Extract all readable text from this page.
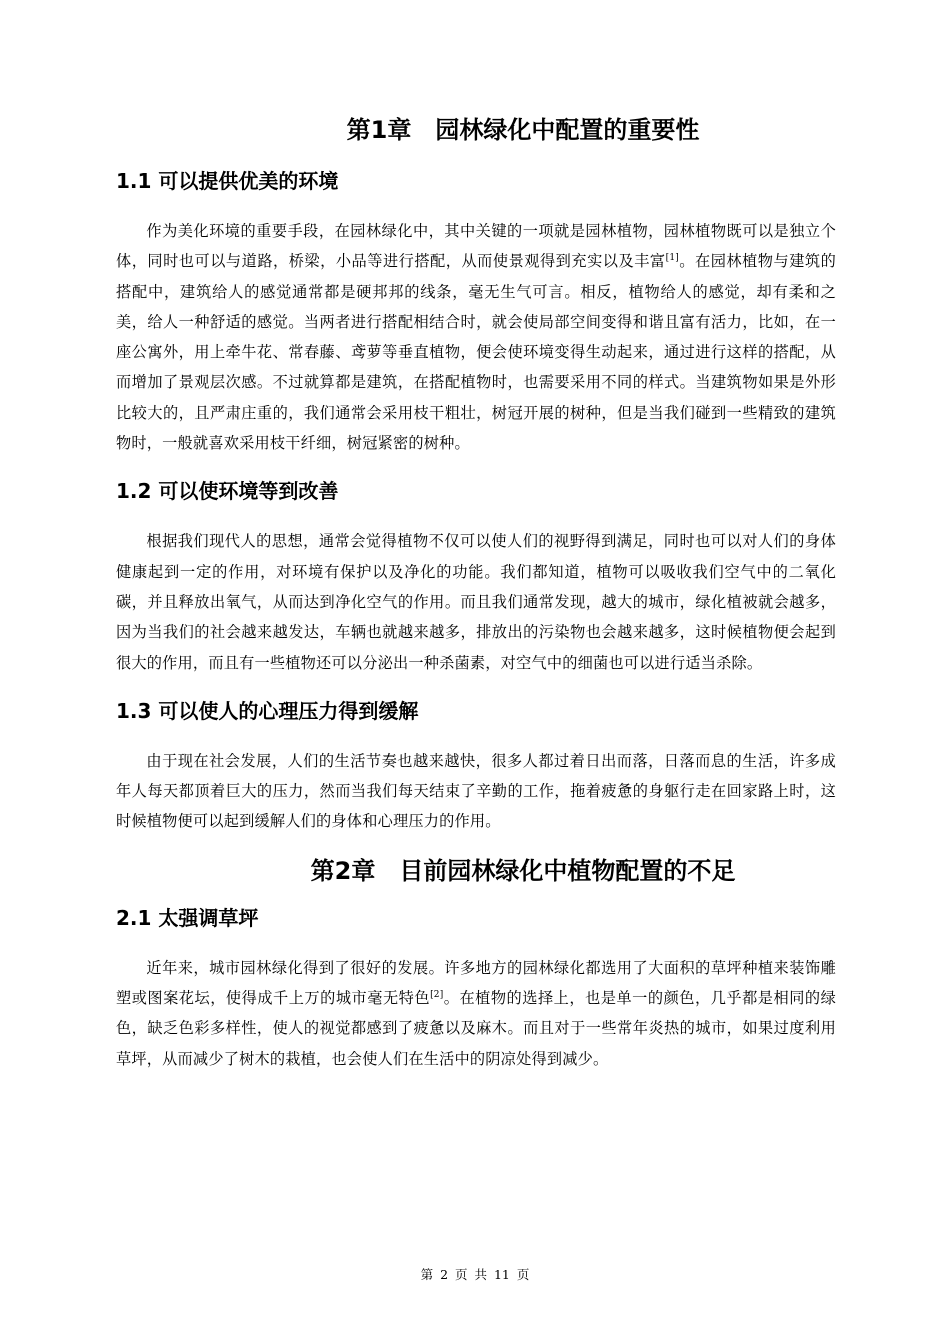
第1章 园林绿化中配置的重要性
1.1 可以提供优美的环境

作为美化环境的重要手段，在园林绿化中，其中关键的一项就是园林植物，园林植物既可以是独立个体，同时也可以与道路，桥梁，小品等进行搭配，从而使景观得到充实以及丰富[1]。在园林植物与建筑的搭配中，建筑给人的感觉通常都是硬邦邦的线条，毫无生气可言。相反，植物给人的感觉，却有柔和之美，给人一种舒适的感觉。当两者进行搭配相结合时，就会使局部空间变得和谐且富有活力，比如，在一座公寓外，用上牵牛花、常春藤、鸢萝等垂直植物，便会使环境变得生动起来，通过进行这样的搭配，从而增加了景观层次感。不过就算都是建筑，在搭配植物时，也需要采用不同的样式。当建筑物如果是外形比较大的，且严肃庄重的，我们通常会采用枝干粗壮，树冠开展的树种，但是当我们碰到一些精致的建筑物时，一般就喜欢采用枝干纤细，树冠紧密的树种。

1.2 可以使环境等到改善

根据我们现代人的思想，通常会觉得植物不仅可以使人们的视野得到满足，同时也可以对人们的身体健康起到一定的作用，对环境有保护以及净化的功能。我们都知道，植物可以吸收我们空气中的二氧化碳，并且释放出氧气，从而达到净化空气的作用。而且我们通常发现，越大的城市，绿化植被就会越多，因为当我们的社会越来越发达，车辆也就越来越多，排放出的污染物也会越来越多，这时候植物便会起到很大的作用，而且有一些植物还可以分泌出一种杀菌素，对空气中的细菌也可以进行适当杀除。

1.3 可以使人的心理压力得到缓解

由于现在社会发展，人们的生活节奏也越来越快，很多人都过着日出而落，日落而息的生活，许多成年人每天都顶着巨大的压力，然而当我们每天结束了辛勤的工作，拖着疲惫的身躯行走在回家路上时，这时候植物便可以起到缓解人们的身体和心理压力的作用。

第2章 目前园林绿化中植物配置的不足
2.1 太强调草坪

近年来，城市园林绿化得到了很好的发展。许多地方的园林绿化都选用了大面积的草坪种植来装饰雕塑或图案花坛，使得成千上万的城市毫无特色[2]。在植物的选择上，也是单一的颜色，几乎都是相同的绿色，缺乏色彩多样性，使人的视觉都感到了疲惫以及麻木。而且对于一些常年炎热的城市，如果过度利用草坪，从而减少了树木的栽植，也会使人们在生活中的阴凉处得到减少。

第 2 页 共 11 页
